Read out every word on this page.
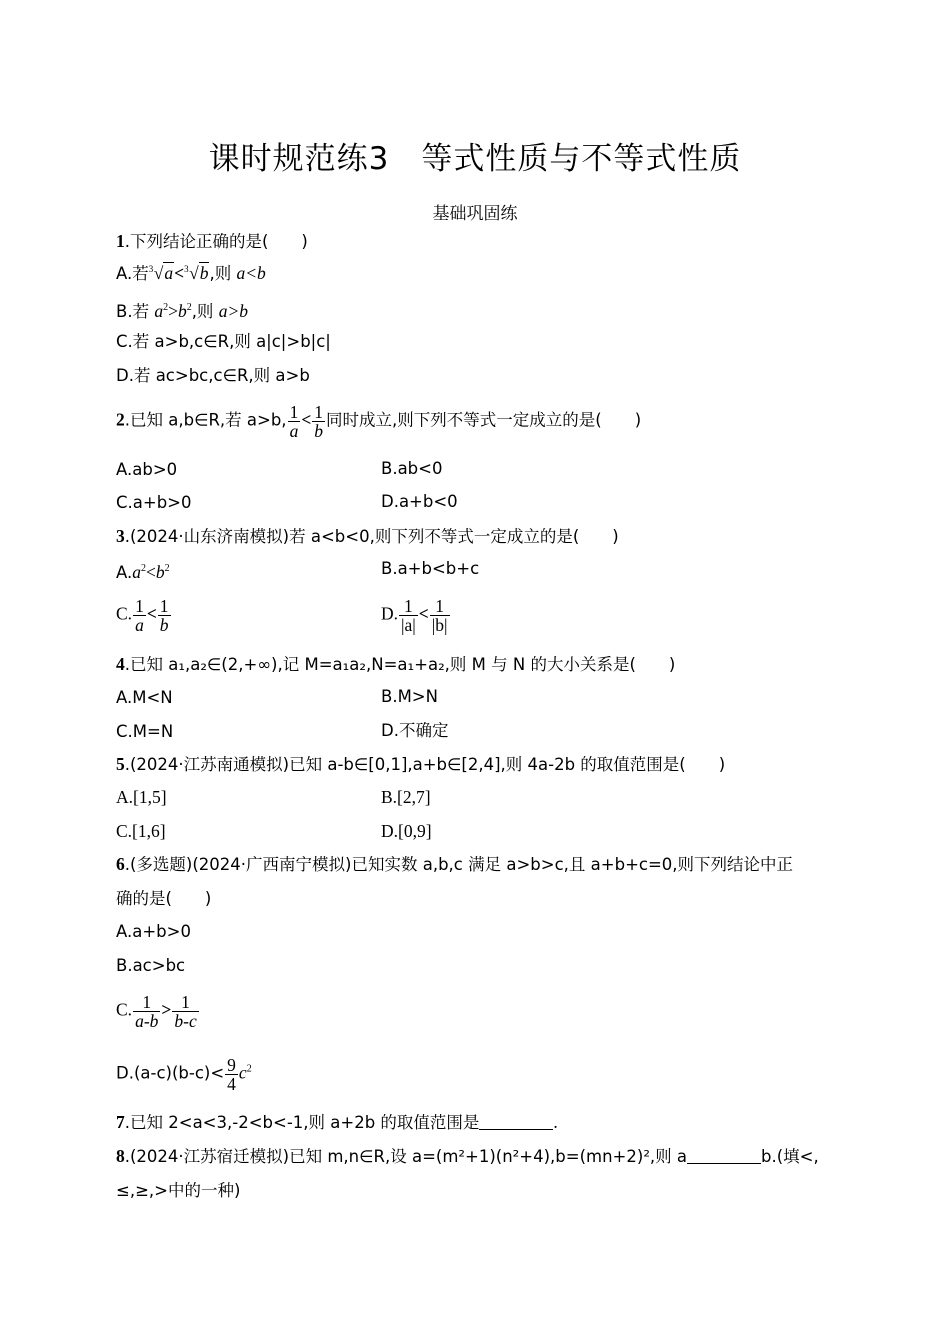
课时规范练3　等式性质与不等式性质
基础巩固练
1.下列结论正确的是(　　)
A.若 3 √a< 3 √b,则 a<b
B.若 $a^2>b^2$,则 a>b
C.若 a>b,c∈R,则 a|c|>b|c|
D.若 ac>bc,c∈R,则 a>b
2.已知 a,b∈R,若 a>b, $\frac{1}{a} < \frac{1}{b}$ 同时成立,则下列不等式一定成立的是(　　)
A.ab>0	B.ab<0
C.a+b>0	D.a+b<0
3.(2024·山东济南模拟)若 a<b<0,则下列不等式一定成立的是(　　)
$A.a^2<b^2$	B.a+b<b+c
C. $\frac{1}{a} < \frac{1}{b}$	D. $\frac{1}{|a|} < \frac{1}{|b|}$
4.已知 a₁,a₂∈(2,+∞),记 M=a₁a₂,N=a₁+a₂,则 M 与 N 的大小关系是(　　)
A.M<N	B.M>N
C.M=N	D.不确定
5.(2024·江苏南通模拟)已知 a-b∈[0,1],a+b∈[2,4],则 4a-2b 的取值范围是(　　)
A.[1,5]	B.[2,7]
C.[1,6]	D.[0,9]
6.(多选题)(2024·广西南宁模拟)已知实数 a,b,c 满足 a>b>c,且 a+b+c=0,则下列结论中正
确的是(　　)
A.a+b>0
B.ac>bc
C. $\frac{1}{a-b} > \frac{1}{b-c}$
$D.(a-c)(b-c)< \frac{9}{4} c^2$
7.已知 2<a<3,-2<b<-1,则 a+2b 的取值范围是	.
8.(2024·江苏宿迁模拟)已知 m,n∈R,设 a=(m²+1)(n²+4),b=(mn+2)²,则 a	b.(填<,
≤,≥,>中的一种)
